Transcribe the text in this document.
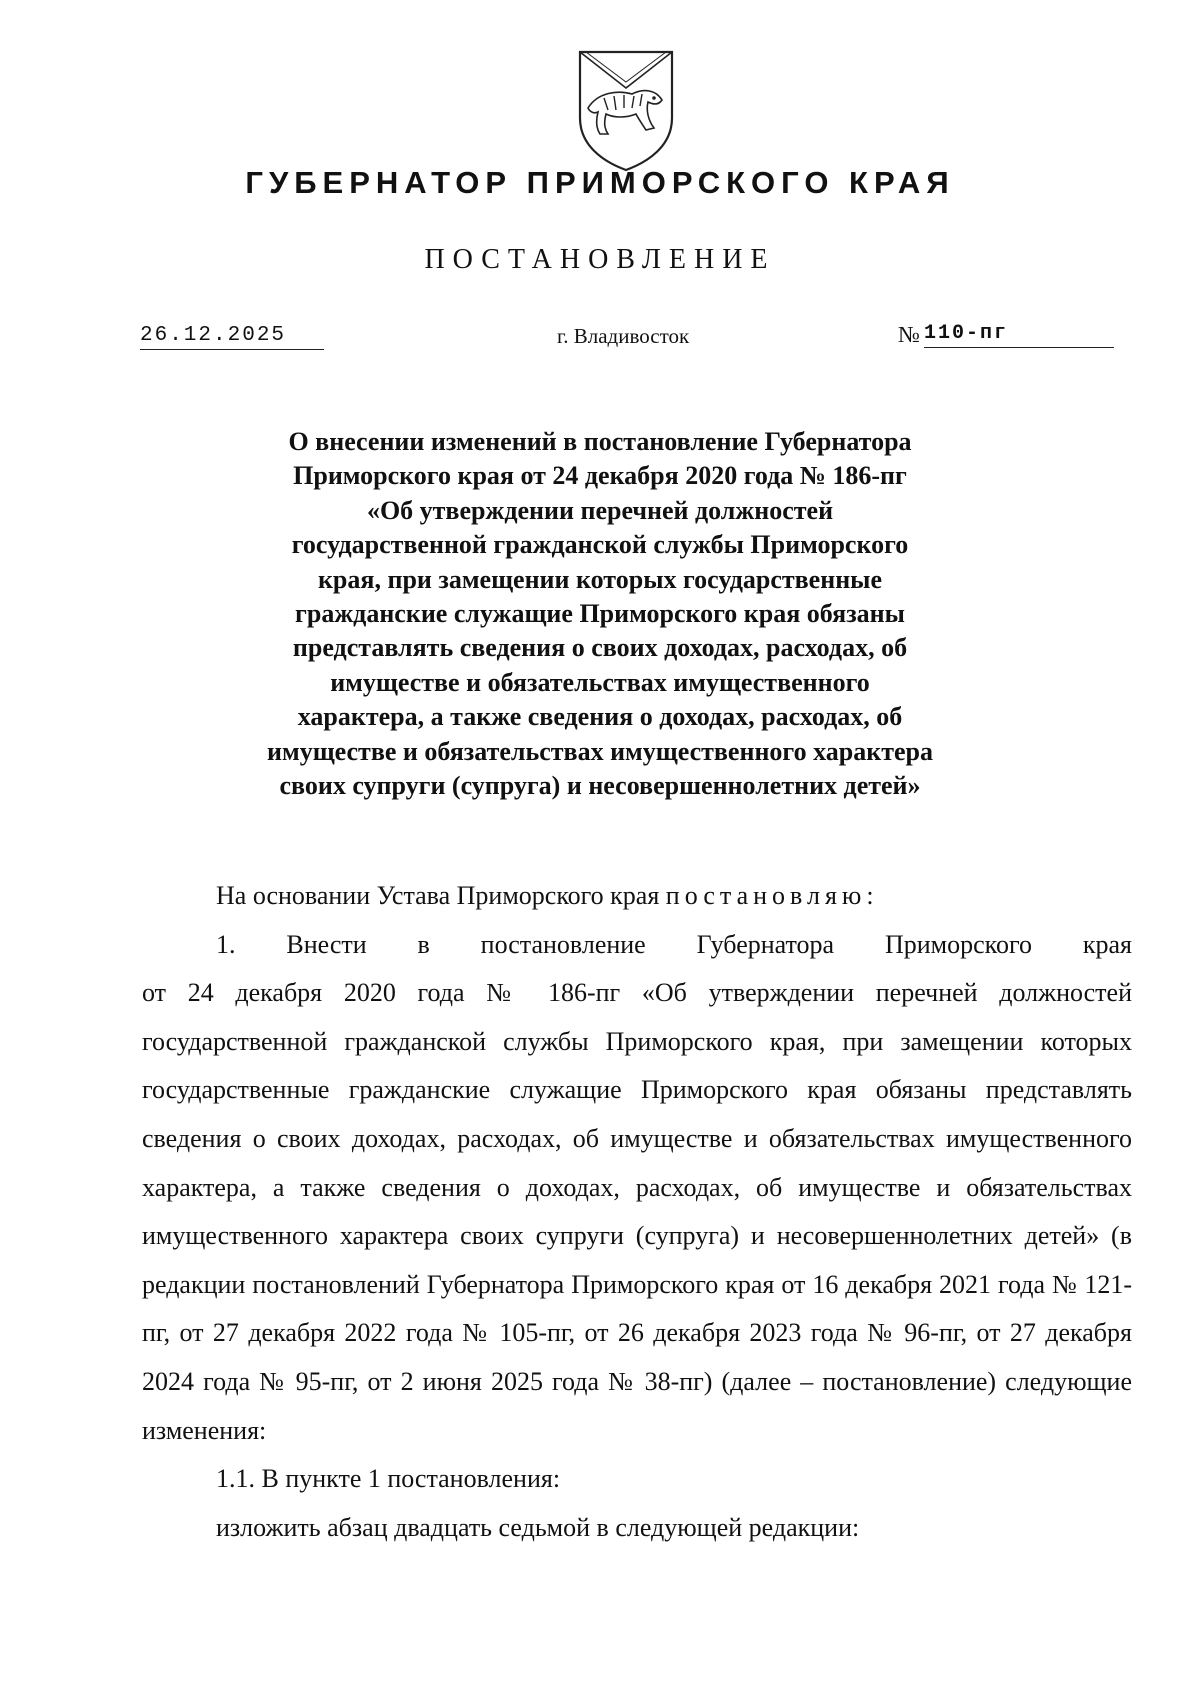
ГУБЕРНАТОР ПРИМОРСКОГО КРАЯ
ПОСТАНОВЛЕНИЕ
26.12.2025	г. Владивосток	№ 110-пг

О внесении изменений в постановление Губернатора
Приморского края от 24 декабря 2020 года № 186-пг
«Об утверждении перечней должностей
государственной гражданской службы Приморского
края, при замещении которых государственные
гражданские служащие Приморского края обязаны
представлять сведения о своих доходах, расходах, об
имуществе и обязательствах имущественного
характера, а также сведения о доходах, расходах, об
имуществе и обязательствах имущественного характера
своих супруги (супруга) и несовершеннолетних детей»

На основании Устава Приморского края постановляю:

1. Внести в постановление Губернатора Приморского края

от 24 декабря 2020 года № 186-пг «Об утверждении перечней должностей государственной гражданской службы Приморского края, при замещении которых государственные гражданские служащие Приморского края обязаны представлять сведения о своих доходах, расходах, об имуществе и обязательствах имущественного характера, а также сведения о доходах, расходах, об имуществе и обязательствах имущественного характера своих супруги (супруга) и несовершеннолетних детей» (в редакции постановлений Губернатора Приморского края от 16 декабря 2021 года № 121-пг, от 27 декабря 2022 года № 105-пг, от 26 декабря 2023 года № 96-пг, от 27 декабря 2024 года № 95-пг, от 2 июня 2025 года № 38-пг) (далее – постановление) следующие изменения:

1.1. В пункте 1 постановления:

изложить абзац двадцать седьмой в следующей редакции:
